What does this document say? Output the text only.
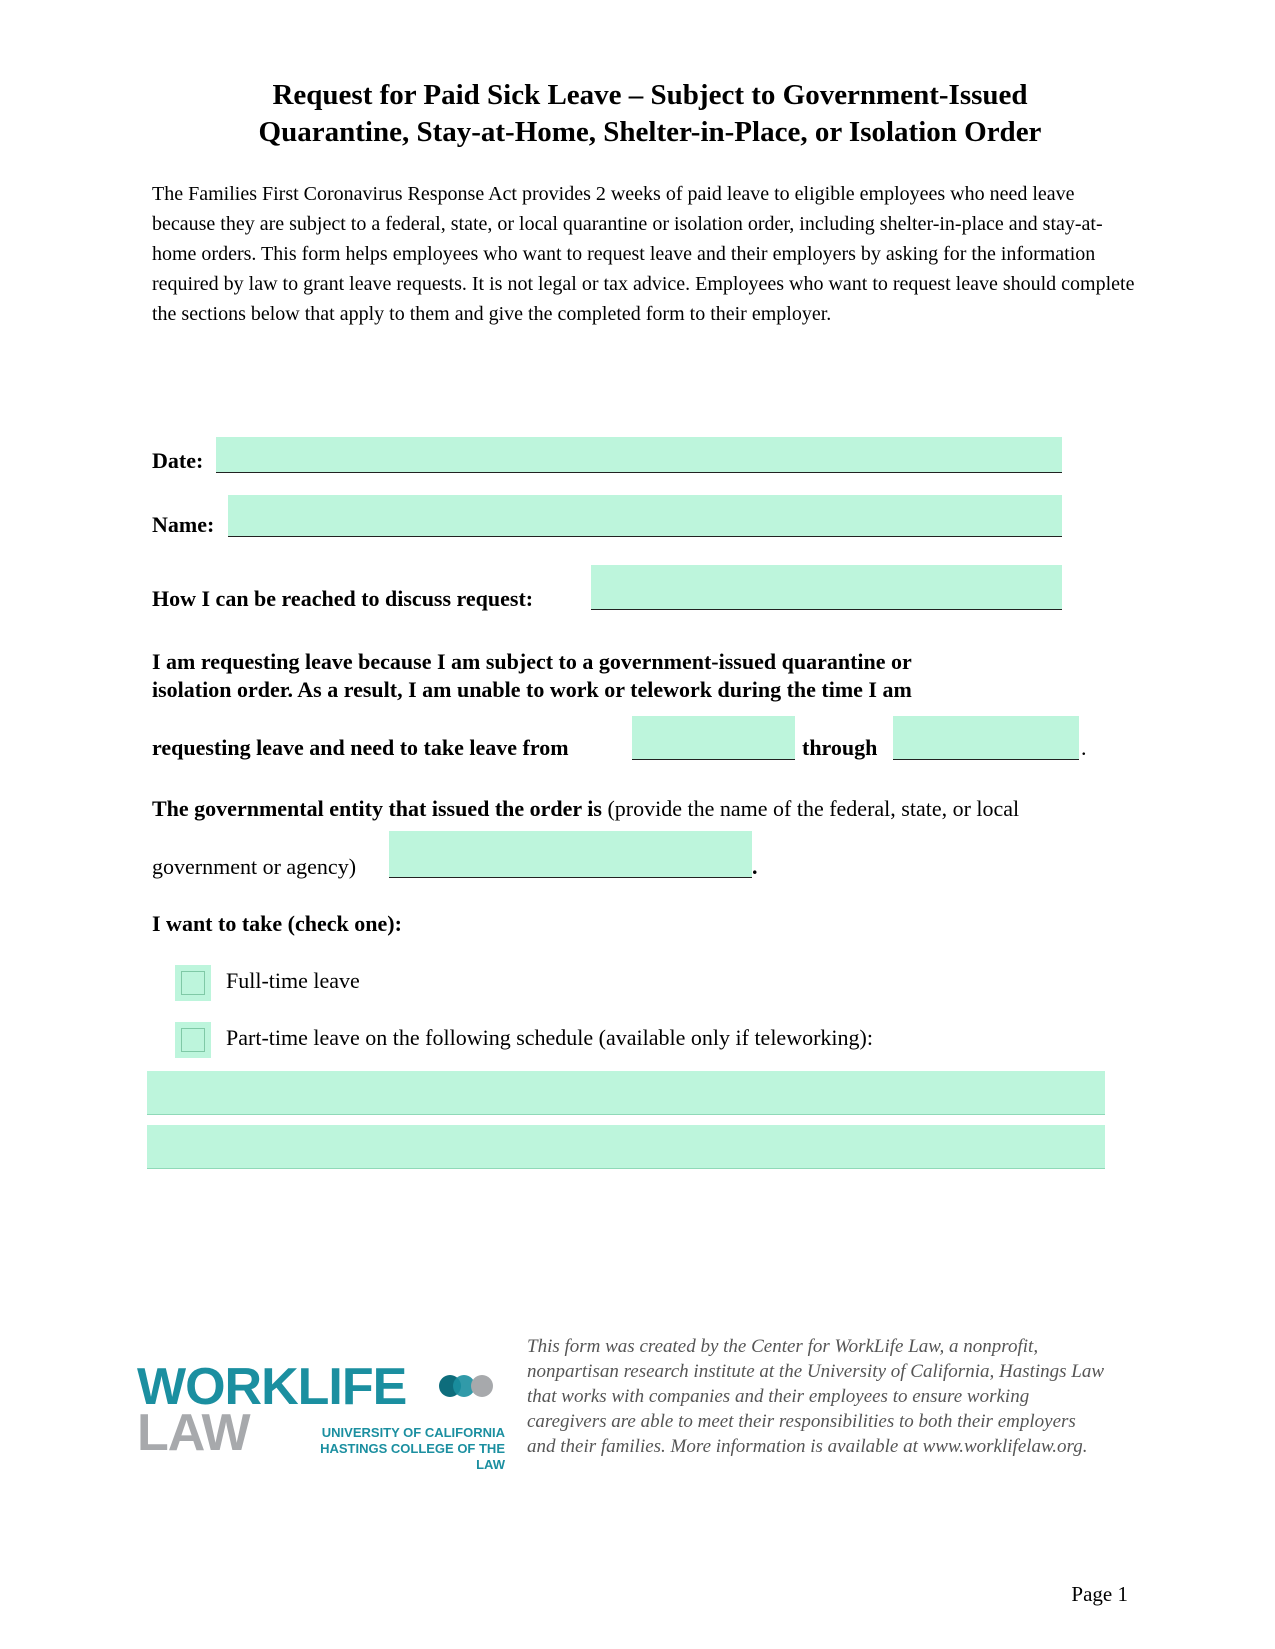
Request for Paid Sick Leave – Subject to Government-Issued
Quarantine, Stay-at-Home, Shelter-in-Place, or Isolation Order
The Families First Coronavirus Response Act provides 2 weeks of paid leave to eligible employees who need leave because they are subject to a federal, state, or local quarantine or isolation order, including shelter-in-place and stay-at-home orders. This form helps employees who want to request leave and their employers by asking for the information required by law to grant leave requests. It is not legal or tax advice. Employees who want to request leave should complete the sections below that apply to them and give the completed form to their employer.
Date:
Name:
How I can be reached to discuss request:
I am requesting leave because I am subject to a government-issued quarantine or
isolation order. As a result, I am unable to work or telework during the time I am
requesting leave and need to take leave from	through	.
The governmental entity that issued the order is (provide the name of the federal, state, or local
government or agency)	.
I want to take (check one):
Full-time leave
Part-time leave on the following schedule (available only if teleworking):
WORKLIFE
LAW	UNIVERSITY OF CALIFORNIA
HASTINGS COLLEGE OF THE LAW
This form was created by the Center for WorkLife Law, a nonprofit, nonpartisan research institute at the University of California, Hastings Law that works with companies and their employees to ensure working caregivers are able to meet their responsibilities to both their employers and their families. More information is available at www.worklifelaw.org.
Page 1
